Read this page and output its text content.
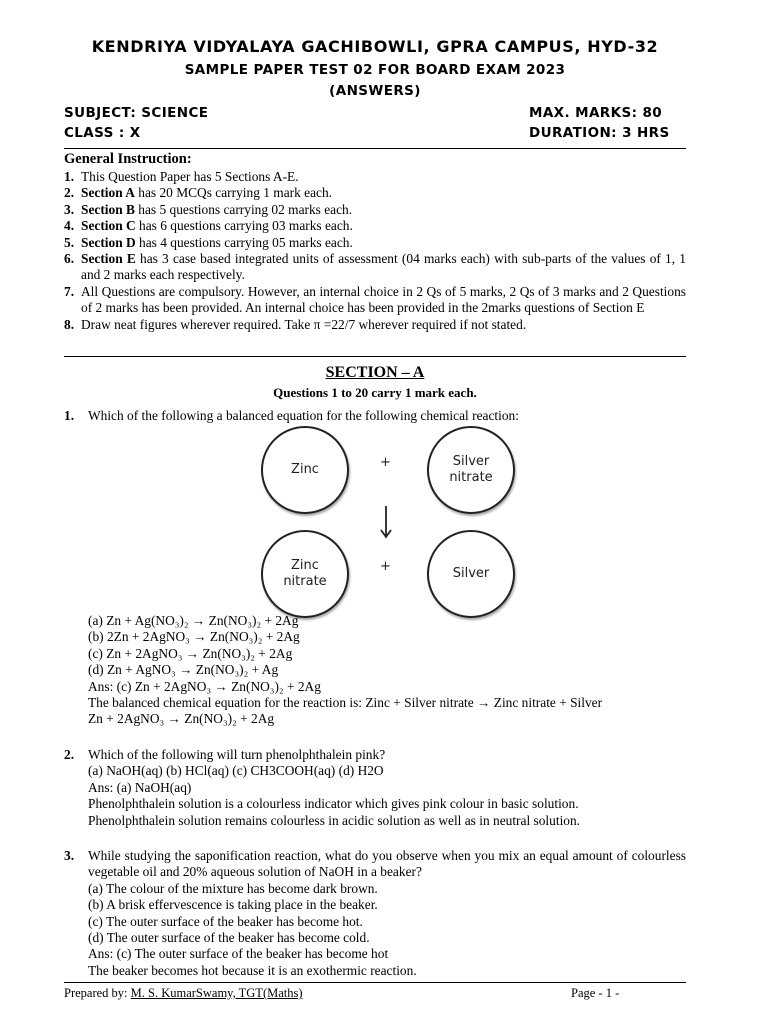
KENDRIYA VIDYALAYA GACHIBOWLI, GPRA CAMPUS, HYD-32
SAMPLE PAPER TEST 02 FOR BOARD EXAM 2023
(ANSWERS)
SUBJECT: SCIENCE	MAX. MARKS: 80
CLASS : X	DURATION: 3 HRS
General Instruction:
1. This Question Paper has 5 Sections A-E.
2. Section A has 20 MCQs carrying 1 mark each.
3. Section B has 5 questions carrying 02 marks each.
4. Section C has 6 questions carrying 03 marks each.
5. Section D has 4 questions carrying 05 marks each.
6. Section E has 3 case based integrated units of assessment (04 marks each) with sub-parts of the values of 1, 1 and 2 marks each respectively.
7. All Questions are compulsory. However, an internal choice in 2 Qs of 5 marks, 2 Qs of 3 marks and 2 Questions of 2 marks has been provided. An internal choice has been provided in the 2marks questions of Section E
8. Draw neat figures wherever required. Take π =22/7 wherever required if not stated.
SECTION – A
Questions 1 to 20 carry 1 mark each.
1. Which of the following a balanced equation for the following chemical reaction:
Zinc	+	Silver
nitrate
Zinc
nitrate
+	Silver
(a) Zn + Ag(NO₃)₂ → Zn(NO₃)₂ + 2Ag
(b) 2Zn + 2AgNO₃ → Zn(NO₃)₂ + 2Ag
(c) Zn + 2AgNO₃ → Zn(NO₃)₂ + 2Ag
(d) Zn + AgNO₃ → Zn(NO₃)₂ + Ag
Ans: (c) Zn + 2AgNO₃ → Zn(NO₃)₂ + 2Ag
The balanced chemical equation for the reaction is: Zinc + Silver nitrate → Zinc nitrate + Silver
Zn + 2AgNO₃ → Zn(NO₃)₂ + 2Ag
2. Which of the following will turn phenolphthalein pink?
(a) NaOH(aq) (b) HCl(aq) (c) CH3COOH(aq) (d) H2O
Ans: (a) NaOH(aq)
Phenolphthalein solution is a colourless indicator which gives pink colour in basic solution.
Phenolphthalein solution remains colourless in acidic solution as well as in neutral solution.
3. While studying the saponification reaction, what do you observe when you mix an equal amount of colourless vegetable oil and 20% aqueous solution of NaOH in a beaker?
(a) The colour of the mixture has become dark brown.
(b) A brisk effervescence is taking place in the beaker.
(c) The outer surface of the beaker has become hot.
(d) The outer surface of the beaker has become cold.
Ans: (c) The outer surface of the beaker has become hot
The beaker becomes hot because it is an exothermic reaction.
Prepared by: M. S. KumarSwamy, TGT(Maths)	Page - 1 -
